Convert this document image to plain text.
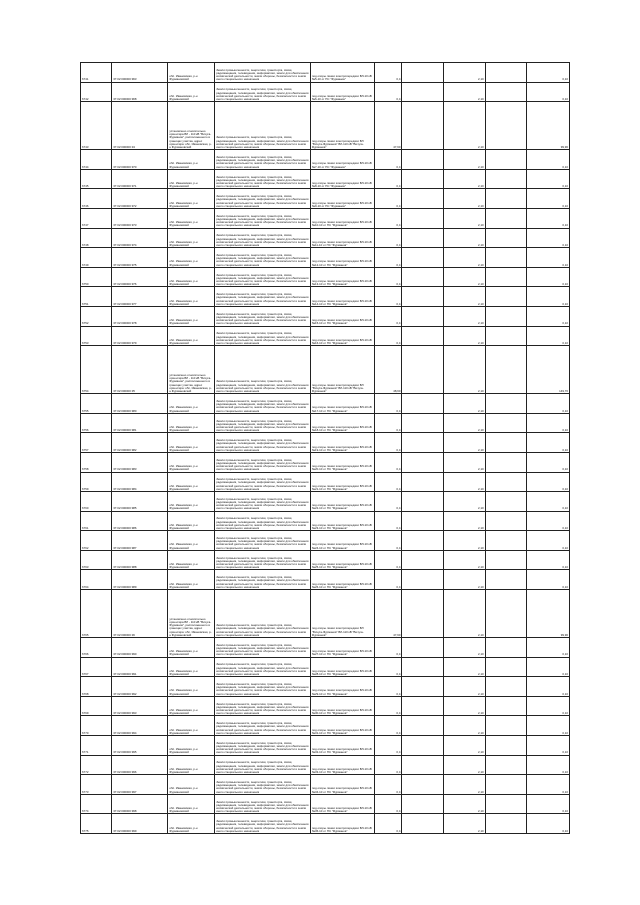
6741	37:02:000000:963	обл. Ивановская, р-н Фурмановский	Земли промышленности, энергетики, транспорта, связи, радиовещания, телевидения, информатики, земли для обеспечения космической деятельности, земли обороны, безопасности и земли иного специального назначения	под опоры линии электропередачи ВЛ-10 кВ №5-10 от ПС "Фурманов"	0,4		2,10		0,10
6742	37:02:000000:968	обл. Ивановская, р-н Фурмановский	Земли промышленности, энергетики, транспорта, связи, радиовещания, телевидения, информатики, земли для обеспечения космической деятельности, земли обороны, безопасности и земли иного специального назначения	под опоры линии электропередачи ВЛ-10 кВ №6-10 от ПС "Фурманов"	0,4		2,10		0,10
6743	37:02:000000:34	установлено относительно ориентира ВЛ - 110 кВ "Вичуга-Фурманов", расположенного в границах участка, адрес ориентира: обл. Ивановская, р-н Фурмановский	Земли промышленности, энергетики, транспорта, связи, радиовещания, телевидения, информатики, земли для обеспечения космической деятельности, земли обороны, безопасности и земли иного специального назначения	под опоры линии электропередачи ВЛ "Вичуга-Фурманов" ВЛ-110 кВ "Вичуга-Фурманов"	47,60		2,10		99,96
6744	37:02:000000:970	обл. Ивановская, р-н Фурмановский	Земли промышленности, энергетики, транспорта, связи, радиовещания, телевидения, информатики, земли для обеспечения космической деятельности, земли обороны, безопасности и земли иного специального назначения	под опоры линии электропередачи ВЛ-10 кВ №7-10 от ПС "Фурманов"	0,4		2,10		0,10
6745	37:02:000000:971	обл. Ивановская, р-н Фурмановский	Земли промышленности, энергетики, транспорта, связи, радиовещания, телевидения, информатики, земли для обеспечения космической деятельности, земли обороны, безопасности и земли иного специального назначения	под опоры линии электропередачи ВЛ-10 кВ №8-10 от ПС "Фурманов"	0,4		2,10		0,10
6746	37:02:000000:972	обл. Ивановская, р-н Фурмановский	Земли промышленности, энергетики, транспорта, связи, радиовещания, телевидения, информатики, земли для обеспечения космической деятельности, земли обороны, безопасности и земли иного специального назначения	под опоры линии электропередачи ВЛ-10 кВ №9-10 от ПС "Фурманов"	0,4		2,10		0,10
6747	37:02:000000:973	обл. Ивановская, р-н Фурмановский	Земли промышленности, энергетики, транспорта, связи, радиовещания, телевидения, информатики, земли для обеспечения космической деятельности, земли обороны, безопасности и земли иного специального назначения	под опоры линии электропередачи ВЛ-10 кВ №10-10 от ПС "Фурманов"	0,4		2,10		0,10
6748	37:02:000000:974	обл. Ивановская, р-н Фурмановский	Земли промышленности, энергетики, транспорта, связи, радиовещания, телевидения, информатики, земли для обеспечения космической деятельности, земли обороны, безопасности и земли иного специального назначения	под опоры линии электропередачи ВЛ-10 кВ №11-10 от ПС "Фурманов"	0,4		2,10		0,10
6749	37:02:000000:975	обл. Ивановская, р-н Фурмановский	Земли промышленности, энергетики, транспорта, связи, радиовещания, телевидения, информатики, земли для обеспечения космической деятельности, земли обороны, безопасности и земли иного специального назначения	под опоры линии электропередачи ВЛ-10 кВ №12-10 от ПС "Фурманов"	0,4		2,10		0,10
6750	37:02:000000:976	обл. Ивановская, р-н Фурмановский	Земли промышленности, энергетики, транспорта, связи, радиовещания, телевидения, информатики, земли для обеспечения космической деятельности, земли обороны, безопасности и земли иного специального назначения	под опоры линии электропередачи ВЛ-10 кВ №13-10 от ПС "Фурманов"	0,4		2,10		0,10
6751	37:02:000000:977	обл. Ивановская, р-н Фурмановский	Земли промышленности, энергетики, транспорта, связи, радиовещания, телевидения, информатики, земли для обеспечения космической деятельности, земли обороны, безопасности и земли иного специального назначения	под опоры линии электропередачи ВЛ-10 кВ №14-10 от ПС "Фурманов"	0,4		2,10		0,10
6752	37:02:000000:978	обл. Ивановская, р-н Фурмановский	Земли промышленности, энергетики, транспорта, связи, радиовещания, телевидения, информатики, земли для обеспечения космической деятельности, земли обороны, безопасности и земли иного специального назначения	под опоры линии электропередачи ВЛ-10 кВ №15-10 от ПС "Фурманов"	0,4		2,10		0,10
6753	37:02:000000:979	обл. Ивановская, р-н Фурмановский	Земли промышленности, энергетики, транспорта, связи, радиовещания, телевидения, информатики, земли для обеспечения космической деятельности, земли обороны, безопасности и земли иного специального назначения	под опоры линии электропередачи ВЛ-10 кВ №16-10 от ПС "Фурманов"	0,4		2,10		0,10
6754	37:02:000000:35	установлено относительно ориентира ВЛ - 110 кВ "Вичуга-Фурманов", расположенного в границах участка, адрес ориентира: обл. Ивановская, р-н Фурмановский	Земли промышленности, энергетики, транспорта, связи, радиовещания, телевидения, информатики, земли для обеспечения космической деятельности, земли обороны, безопасности и земли иного специального назначения	под опоры линии электропередачи ВЛ "Вичуга-Фурманов" ВЛ-110 кВ "Вичуга-Фурманов"	48,60		2,10		149,76
6755	37:02:000000:980	обл. Ивановская, р-н Фурмановский	Земли промышленности, энергетики, транспорта, связи, радиовещания, телевидения, информатики, земли для обеспечения космической деятельности, земли обороны, безопасности и земли иного специального назначения	под опоры линии электропередачи ВЛ-10 кВ №17-10 от ПС "Фурманов"	0,4		2,10		0,10
6756	37:02:000000:981	обл. Ивановская, р-н Фурмановский	Земли промышленности, энергетики, транспорта, связи, радиовещания, телевидения, информатики, земли для обеспечения космической деятельности, земли обороны, безопасности и земли иного специального назначения	под опоры линии электропередачи ВЛ-10 кВ №18-10 от ПС "Фурманов"	0,4		2,10		0,10
6757	37:02:000000:982	обл. Ивановская, р-н Фурмановский	Земли промышленности, энергетики, транспорта, связи, радиовещания, телевидения, информатики, земли для обеспечения космической деятельности, земли обороны, безопасности и земли иного специального назначения	под опоры линии электропередачи ВЛ-10 кВ №19-10 от ПС "Фурманов"	0,4		2,10		0,10
6758	37:02:000000:983	обл. Ивановская, р-н Фурмановский	Земли промышленности, энергетики, транспорта, связи, радиовещания, телевидения, информатики, земли для обеспечения космической деятельности, земли обороны, безопасности и земли иного специального назначения	под опоры линии электропередачи ВЛ-10 кВ №20-10 от ПС "Фурманов"	0,4		2,10		0,10
6759	37:02:000000:984	обл. Ивановская, р-н Фурмановский	Земли промышленности, энергетики, транспорта, связи, радиовещания, телевидения, информатики, земли для обеспечения космической деятельности, земли обороны, безопасности и земли иного специального назначения	под опоры линии электропередачи ВЛ-10 кВ №21-10 от ПС "Фурманов"	0,4		2,10		0,10
6760	37:02:000000:985	обл. Ивановская, р-н Фурмановский	Земли промышленности, энергетики, транспорта, связи, радиовещания, телевидения, информатики, земли для обеспечения космической деятельности, земли обороны, безопасности и земли иного специального назначения	под опоры линии электропередачи ВЛ-10 кВ №22-10 от ПС "Фурманов"	0,4		2,10		0,10
6761	37:02:000000:986	обл. Ивановская, р-н Фурмановский	Земли промышленности, энергетики, транспорта, связи, радиовещания, телевидения, информатики, земли для обеспечения космической деятельности, земли обороны, безопасности и земли иного специального назначения	под опоры линии электропередачи ВЛ-10 кВ №23-10 от ПС "Фурманов"	0,4		2,10		0,10
6762	37:02:000000:987	обл. Ивановская, р-н Фурмановский	Земли промышленности, энергетики, транспорта, связи, радиовещания, телевидения, информатики, земли для обеспечения космической деятельности, земли обороны, безопасности и земли иного специального назначения	под опоры линии электропередачи ВЛ-10 кВ №24-10 от ПС "Фурманов"	0,4		2,10		0,10
6763	37:02:000000:988	обл. Ивановская, р-н Фурмановский	Земли промышленности, энергетики, транспорта, связи, радиовещания, телевидения, информатики, земли для обеспечения космической деятельности, земли обороны, безопасности и земли иного специального назначения	под опоры линии электропередачи ВЛ-10 кВ №25-10 от ПС "Фурманов"	0,4		2,10		0,10
6764	37:02:000000:989	обл. Ивановская, р-н Фурмановский	Земли промышленности, энергетики, транспорта, связи, радиовещания, телевидения, информатики, земли для обеспечения космической деятельности, земли обороны, безопасности и земли иного специального назначения	под опоры линии электропередачи ВЛ-10 кВ №26-10 от ПС "Фурманов"	0,4		2,10		0,10
6765	37:02:000000:36	установлено относительно ориентира ВЛ - 110 кВ "Вичуга-Фурманов", расположенного в границах участка, адрес ориентира: обл. Ивановская, р-н Фурмановский	Земли промышленности, энергетики, транспорта, связи, радиовещания, телевидения, информатики, земли для обеспечения космической деятельности, земли обороны, безопасности и земли иного специального назначения	под опоры линии электропередачи ВЛ "Вичуга-Фурманов" ВЛ-110 кВ "Вичуга-Фурманов"	47,60		2,10		99,96
6766	37:02:000000:990	обл. Ивановская, р-н Фурмановский	Земли промышленности, энергетики, транспорта, связи, радиовещания, телевидения, информатики, земли для обеспечения космической деятельности, земли обороны, безопасности и земли иного специального назначения	под опоры линии электропередачи ВЛ-10 кВ №27-10 от ПС "Фурманов"	0,4		2,10		0,10
6767	37:02:000000:991	обл. Ивановская, р-н Фурмановский	Земли промышленности, энергетики, транспорта, связи, радиовещания, телевидения, информатики, земли для обеспечения космической деятельности, земли обороны, безопасности и земли иного специального назначения	под опоры линии электропередачи ВЛ-10 кВ №28-10 от ПС "Фурманов"	0,4		2,10		0,10
6768	37:02:000000:992	обл. Ивановская, р-н Фурмановский	Земли промышленности, энергетики, транспорта, связи, радиовещания, телевидения, информатики, земли для обеспечения космической деятельности, земли обороны, безопасности и земли иного специального назначения	под опоры линии электропередачи ВЛ-10 кВ №29-10 от ПС "Фурманов"	0,4		2,10		0,10
6769	37:02:000000:993	обл. Ивановская, р-н Фурмановский	Земли промышленности, энергетики, транспорта, связи, радиовещания, телевидения, информатики, земли для обеспечения космической деятельности, земли обороны, безопасности и земли иного специального назначения	под опоры линии электропередачи ВЛ-10 кВ №30-10 от ПС "Фурманов"	0,4		2,10		0,10
6770	37:02:000000:994	обл. Ивановская, р-н Фурмановский	Земли промышленности, энергетики, транспорта, связи, радиовещания, телевидения, информатики, земли для обеспечения космической деятельности, земли обороны, безопасности и земли иного специального назначения	под опоры линии электропередачи ВЛ-10 кВ №31-10 от ПС "Фурманов"	0,4		2,10		0,10
6771	37:02:000000:995	обл. Ивановская, р-н Фурмановский	Земли промышленности, энергетики, транспорта, связи, радиовещания, телевидения, информатики, земли для обеспечения космической деятельности, земли обороны, безопасности и земли иного специального назначения	под опоры линии электропередачи ВЛ-10 кВ №32-10 от ПС "Фурманов"	0,4		2,10		0,10
6772	37:02:000000:996	обл. Ивановская, р-н Фурмановский	Земли промышленности, энергетики, транспорта, связи, радиовещания, телевидения, информатики, земли для обеспечения космической деятельности, земли обороны, безопасности и земли иного специального назначения	под опоры линии электропередачи ВЛ-10 кВ №33-10 от ПС "Фурманов"	0,4		2,10		0,10
6773	37:02:000000:997	обл. Ивановская, р-н Фурмановский	Земли промышленности, энергетики, транспорта, связи, радиовещания, телевидения, информатики, земли для обеспечения космической деятельности, земли обороны, безопасности и земли иного специального назначения	под опоры линии электропередачи ВЛ-10 кВ №34-10 от ПС "Фурманов"	0,4		2,10		0,10
6774	37:02:000000:998	обл. Ивановская, р-н Фурмановский	Земли промышленности, энергетики, транспорта, связи, радиовещания, телевидения, информатики, земли для обеспечения космической деятельности, земли обороны, безопасности и земли иного специального назначения	под опоры линии электропередачи ВЛ-10 кВ №35-10 от ПС "Фурманов"	0,4		2,10		0,10
6775	37:02:000000:999	обл. Ивановская, р-н Фурмановский	Земли промышленности, энергетики, транспорта, связи, радиовещания, телевидения, информатики, земли для обеспечения космической деятельности, земли обороны, безопасности и земли иного специального назначения	под опоры линии электропередачи ВЛ-10 кВ №36-10 от ПС "Фурманов"	0,4		2,10		0,10
